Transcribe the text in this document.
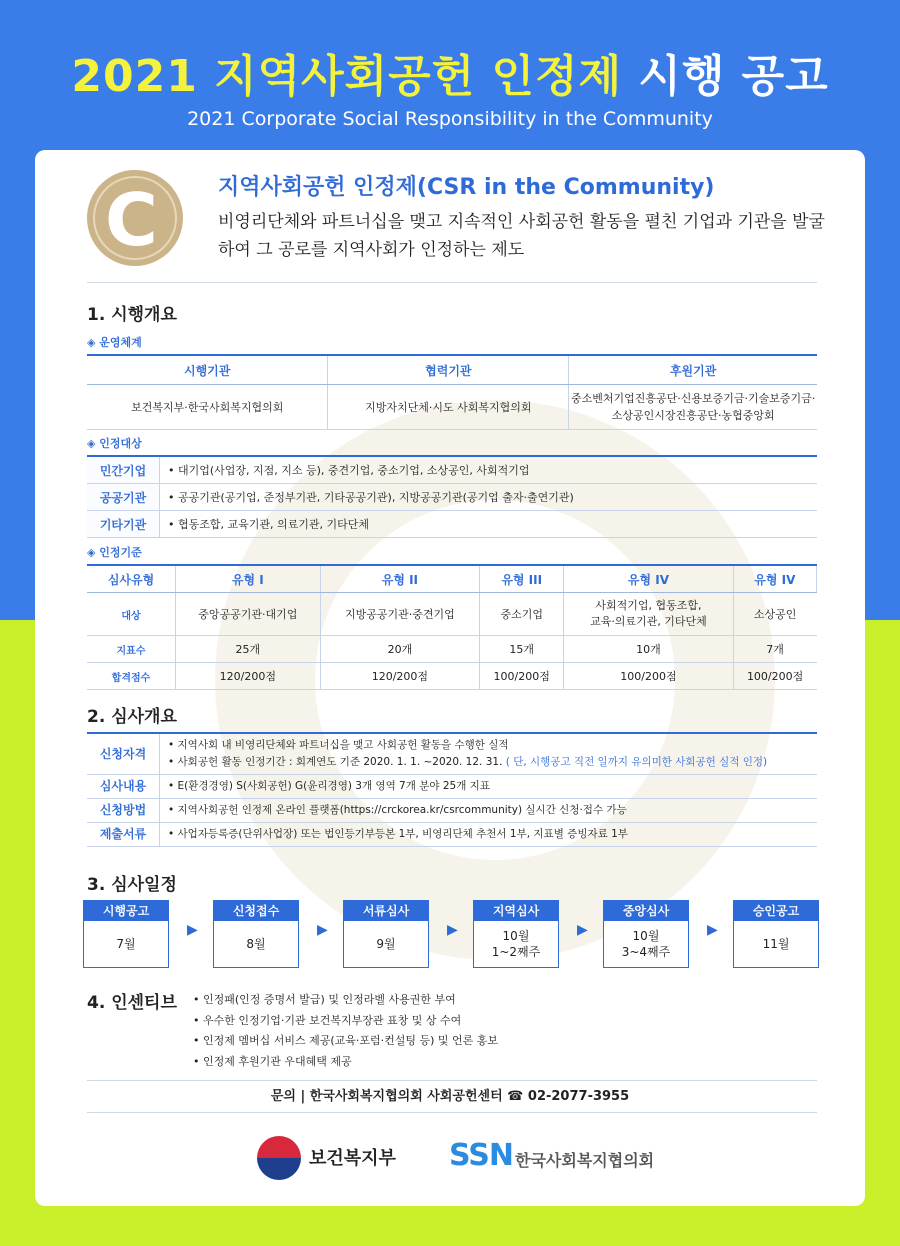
2021 지역사회공헌 인정제 시행 공고
2021 Corporate Social Responsibility in the Community
C	지역사회공헌 인정제(CSR in the Community)
비영리단체와 파트너십을 맺고 지속적인 사회공헌 활동을 펼친 기업과 기관을 발굴하여 그 공로를 지역사회가 인정하는 제도
1. 시행개요
◈ 운영체계
시행기관	협력기관	후원기관
보건복지부·한국사회복지협의회	지방자치단체·시도 사회복지협의회	중소벤처기업진흥공단·신용보증기금·기술보증기금·
소상공인시장진흥공단·농협중앙회
◈ 인정대상
민간기업	• 대기업(사업장, 지점, 지소 등), 중견기업, 중소기업, 소상공인, 사회적기업
공공기관	• 공공기관(공기업, 준정부기관, 기타공공기관), 지방공공기관(공기업 출자·출연기관)
기타기관	• 협동조합, 교육기관, 의료기관, 기타단체
◈ 인정기준
심사유형	유형 I	유형 II	유형 III	유형 IV	유형 IV
대상	중앙공공기관·대기업	지방공공기관·중견기업	중소기업	사회적기업, 협동조합,
교육·의료기관, 기타단체	소상공인
지표수	25개	20개	15개	10개	7개
합격점수	120/200점	120/200점	100/200점	100/200점	100/200점
2. 심사개요
신청자격	• 지역사회 내 비영리단체와 파트너십을 맺고 사회공헌 활동을 수행한 실적
• 사회공헌 활동 인정기간 : 회계연도 기준 2020. 1. 1. ~2020. 12. 31. ( 단, 시행공고 직전 일까지 유의미한 사회공헌 실적 인정)

심사내용	• E(환경경영) S(사회공헌) G(윤리경영) 3개 영역 7개 분야 25개 지표
신청방법	• 지역사회공헌 인정제 온라인 플랫폼(https://crckorea.kr/csrcommunity) 실시간 신청·접수 가능
제출서류	• 사업자등록증(단위사업장) 또는 법인등기부등본 1부, 비영리단체 추천서 1부, 지표별 증빙자료 1부
3. 심사일정
시행공고
7월
▶
신청접수
8월
▶
서류심사
9월
▶
지역심사
10월
1~2째주
▶
중앙심사
10월
3~4째주
▶
승인공고
11월
4. 인센티브 • 인정패(인정 증명서 발급) 및 인정라벨 사용권한 부여
• 우수한 인정기업·기관 보건복지부장관 표창 및 상 수여
• 인정제 멤버십 서비스 제공(교육·포럼·컨설팅 등) 및 언론 홍보
• 인정제 후원기관 우대혜택 제공
문의 | 한국사회복지협의회 사회공헌센터 ☎ 02-2077-3955
보건복지부 SSN 한국사회복지협의회
